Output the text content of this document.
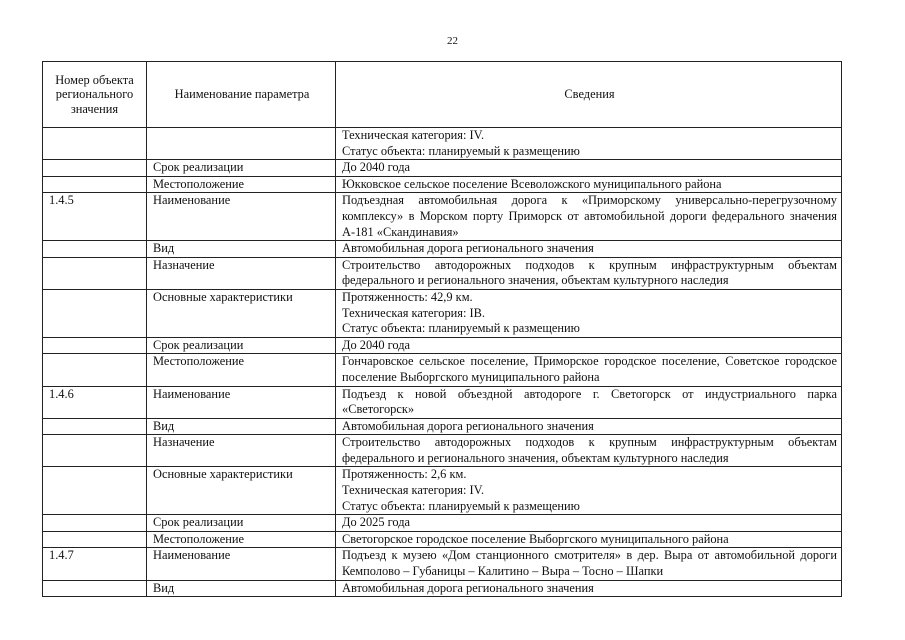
22
Номер объекта регионального значения	Наименование параметра	Сведения

		Техническая категория: IV.
Статус объекта: планируемый к размещению

	Срок реализации	До 2040 года

	Местоположение	Юкковское сельское поселение Всеволожского муниципального района

1.4.5	Наименование	Подъездная автомобильная дорога к «Приморскому универсально-перегрузочному комплексу» в Морском порту Приморск от автомобильной дороги федерального значения А-181 «Скандинавия»

	Вид	Автомобильная дорога регионального значения

	Назначение	Строительство автодорожных подходов к крупным инфраструктурным объектам федерального и регионального значения, объектам культурного наследия

	Основные характеристики	Протяженность: 42,9 км.
Техническая категория: IВ.
Статус объекта: планируемый к размещению

	Срок реализации	До 2040 года

	Местоположение	Гончаровское сельское поселение, Приморское городское поселение, Советское городское поселение Выборгского муниципального района

1.4.6	Наименование	Подъезд к новой объездной автодороге г. Светогорск от индустриального парка «Светогорск»

	Вид	Автомобильная дорога регионального значения

	Назначение	Строительство автодорожных подходов к крупным инфраструктурным объектам федерального и регионального значения, объектам культурного наследия

	Основные характеристики	Протяженность: 2,6 км.
Техническая категория: IV.
Статус объекта: планируемый к размещению

	Срок реализации	До 2025 года

	Местоположение	Светогорское городское поселение Выборгского муниципального района

1.4.7	Наименование	Подъезд к музею «Дом станционного смотрителя» в дер. Выра от автомобильной дороги Кемполово – Губаницы – Калитино – Выра – Тосно – Шапки

	Вид	Автомобильная дорога регионального значения
